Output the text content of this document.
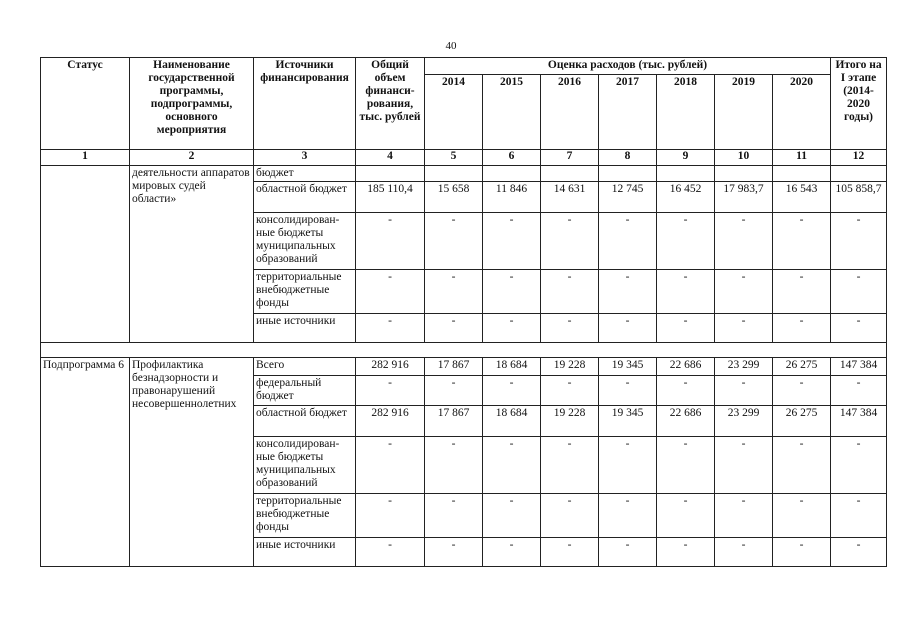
40
Статус	Наименование государственной программы, подпрограммы, основного мероприятия	Источники финансирования	Общий объем финанси-рования, тыс. рублей	Оценка расходов (тыс. рублей)							Итого на I этапе (2014-2020 годы)
				2014	2015	2016	2017	2018	2019	2020	
1	2	3	4	5	6	7	8	9	10	11	12
	деятельности аппаратов мировых судей области»	бюджет									
		областной бюджет	185 110,4	15 658	11 846	14 631	12 745	16 452	17 983,7	16 543	105 858,7
		консолидирован-ные бюджеты муниципальных образований	-	-	-	-	-	-	-	-	-
		территориальные внебюджетные фонды	-	-	-	-	-	-	-	-	-
		иные источники	-	-	-	-	-	-	-	-	-

Подпрограмма 6	Профилактика безнадзорности и правонарушений несовершеннолетних	Всего	282 916	17 867	18 684	19 228	19 345	22 686	23 299	26 275	147 384
		федеральный бюджет	-	-	-	-	-	-	-	-	-
		областной бюджет	282 916	17 867	18 684	19 228	19 345	22 686	23 299	26 275	147 384
		консолидирован-ные бюджеты муниципальных образований	-	-	-	-	-	-	-	-	-
		территориальные внебюджетные фонды	-	-	-	-	-	-	-	-	-
		иные источники	-	-	-	-	-	-	-	-	-
